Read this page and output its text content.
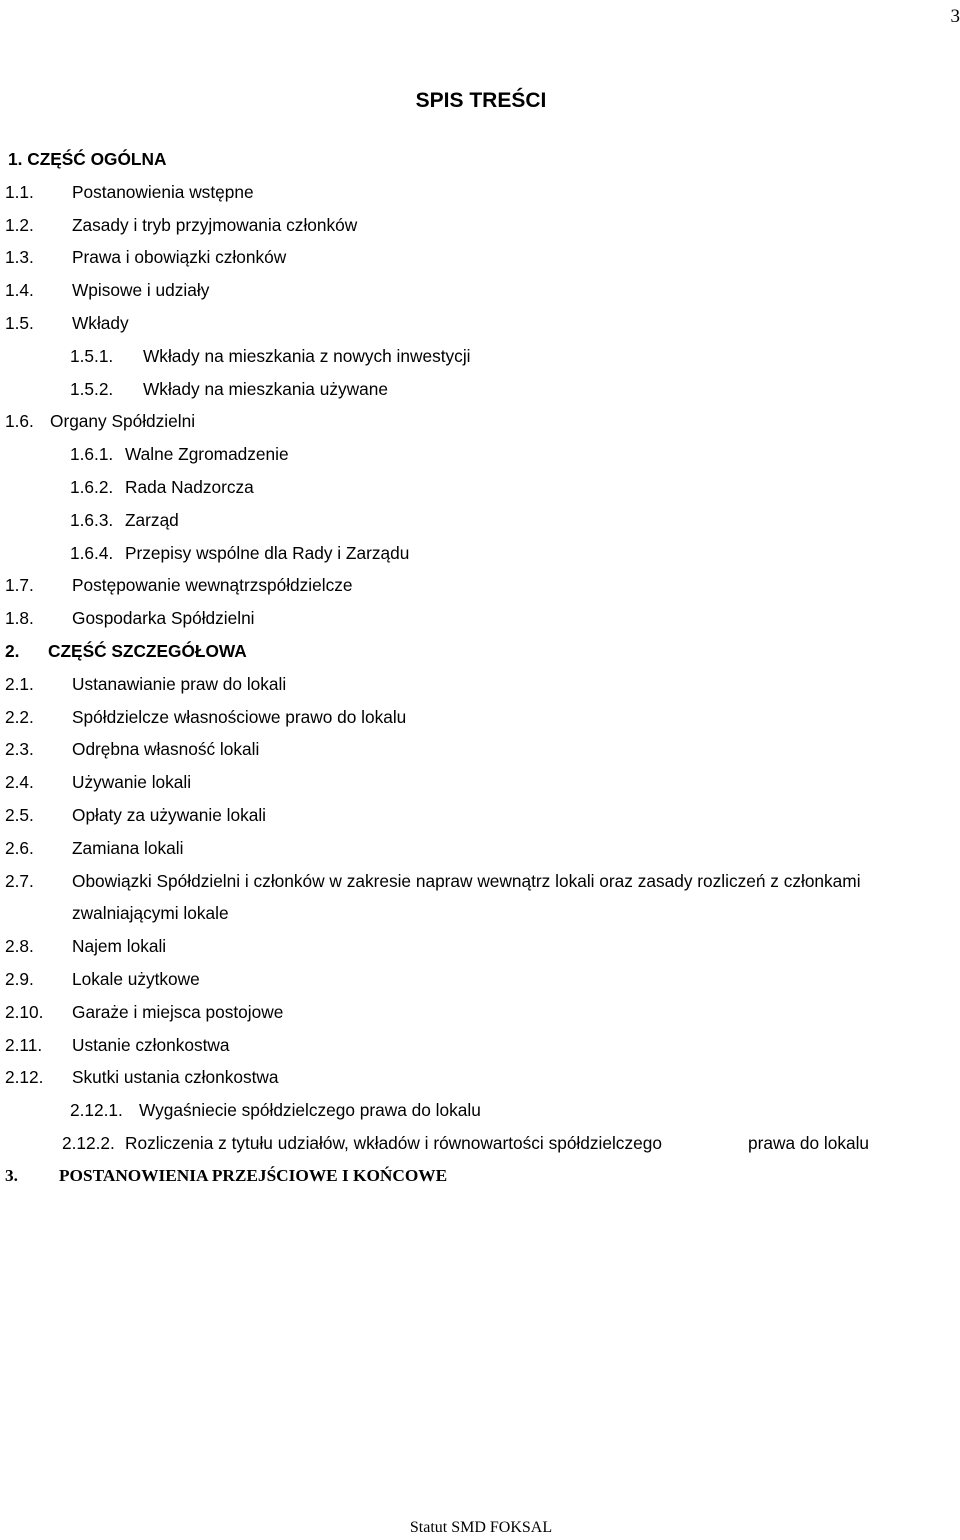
3
SPIS TREŚCI
1. CZĘŚĆ OGÓLNA
1.1. Postanowienia wstępne
1.2. Zasady i tryb przyjmowania członków
1.3. Prawa i obowiązki członków
1.4. Wpisowe i udziały
1.5. Wkłady
1.5.1. Wkłady na mieszkania z nowych inwestycji
1.5.2. Wkłady na mieszkania używane
1.6. Organy Spółdzielni
1.6.1. Walne Zgromadzenie
1.6.2. Rada Nadzorcza
1.6.3. Zarząd
1.6.4. Przepisy wspólne dla Rady i Zarządu
1.7. Postępowanie wewnątrzspółdzielcze
1.8. Gospodarka Spółdzielni
2. CZĘŚĆ SZCZEGÓŁOWA
2.1. Ustanawianie praw do lokali
2.2. Spółdzielcze własnościowe prawo do lokalu
2.3. Odrębna własność lokali
2.4. Używanie lokali
2.5. Opłaty za używanie lokali
2.6. Zamiana lokali
2.7. Obowiązki Spółdzielni i członków w zakresie napraw wewnątrz lokali oraz zasady rozliczeń z członkami zwalniającymi lokale
2.8. Najem lokali
2.9. Lokale użytkowe
2.10. Garaże i miejsca postojowe
2.11. Ustanie członkostwa
2.12. Skutki ustania członkostwa
2.12.1. Wygaśniecie spółdzielczego prawa do lokalu
2.12.2. Rozliczenia z tytułu udziałów, wkładów i równowartości spółdzielczego	prawa do lokalu
3. POSTANOWIENIA PRZEJŚCIOWE I KOŃCOWE
Statut SMD FOKSAL
